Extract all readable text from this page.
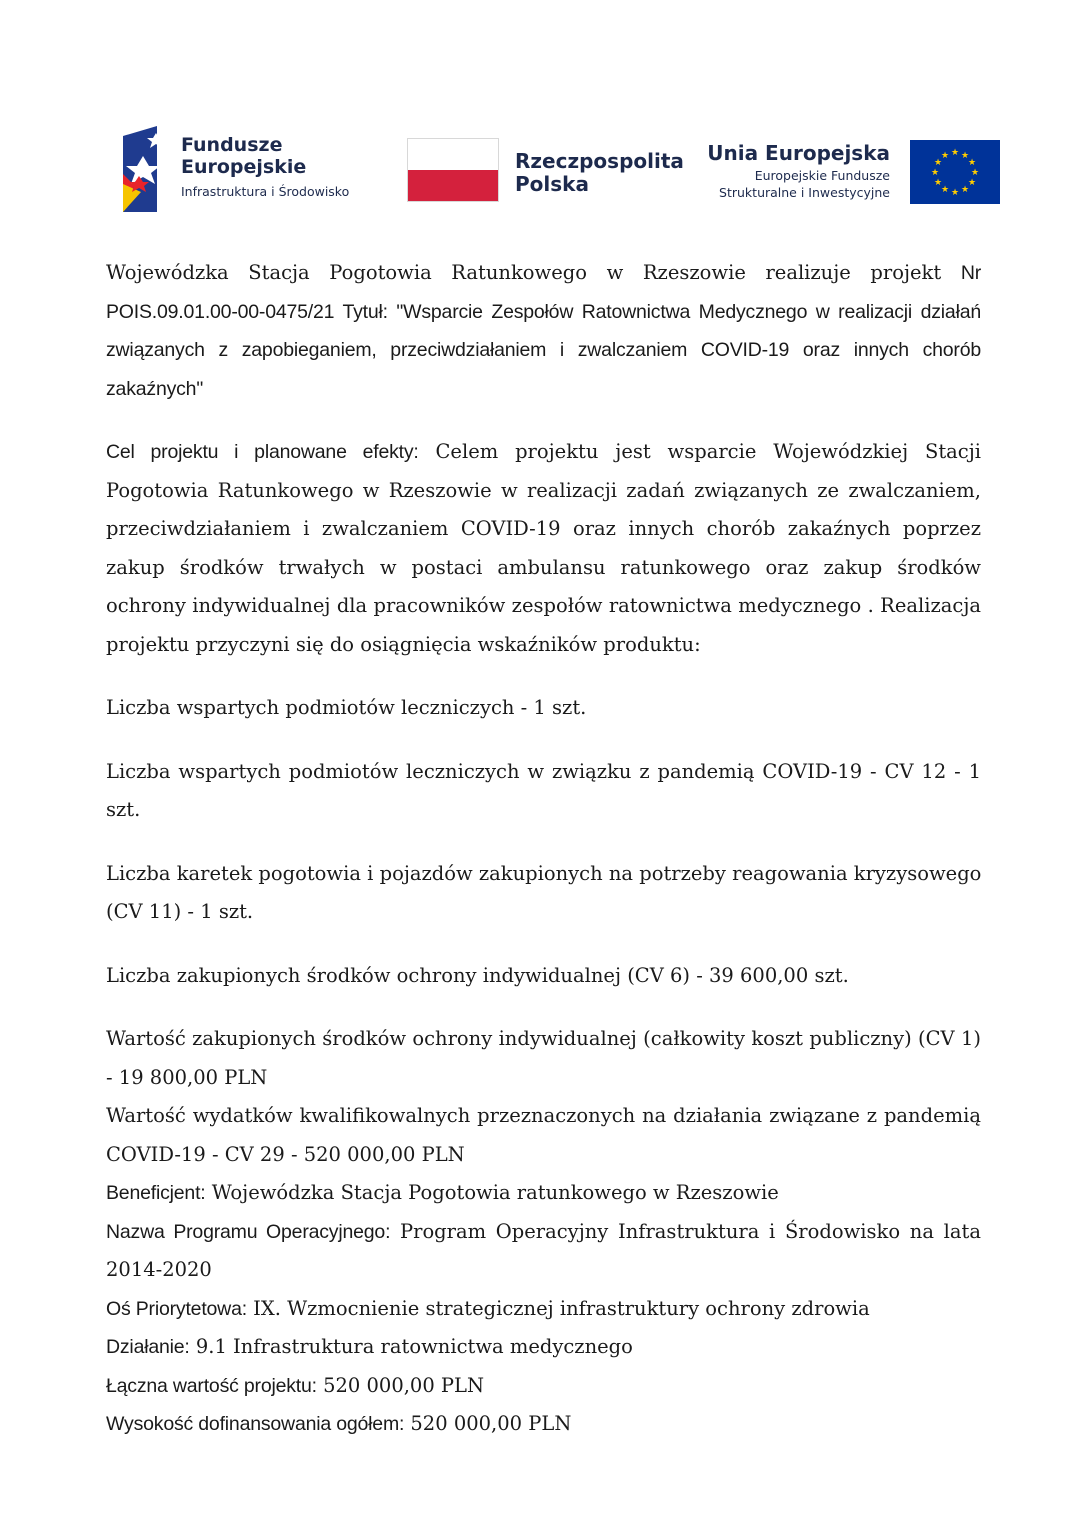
Fundusze
Europejskie
Infrastruktura i Środowisko
Rzeczpospolita
Polska
Unia Europejska
Europejskie Fundusze
Strukturalne i Inwestycyjne
★ ★
★
★
★
★
★
★
★
★
★
★

Wojewódzka Stacja Pogotowia Ratunkowego w Rzeszowie realizuje projekt Nr POIS.09.01.00-00-0475/21 Tytuł: "Wsparcie Zespołów Ratownictwa Medycznego w realizacji działań związanych z zapobieganiem, przeciwdziałaniem i zwalczaniem COVID-19 oraz innych chorób zakaźnych"

Cel projektu i planowane efekty: Celem projektu jest wsparcie Wojewódzkiej Stacji Pogotowia Ratunkowego w Rzeszowie w realizacji zadań związanych ze zwalczaniem, przeciwdziałaniem i zwalczaniem COVID-19 oraz innych chorób zakaźnych poprzez zakup środków trwałych w postaci ambulansu ratunkowego oraz zakup środków ochrony indywidualnej dla pracowników zespołów ratownictwa medycznego . Realizacja projektu przyczyni się do osiągnięcia wskaźników produktu:

Liczba wspartych podmiotów leczniczych - 1 szt.

Liczba wspartych podmiotów leczniczych w związku z pandemią COVID-19 - CV 12 - 1 szt.

Liczba karetek pogotowia i pojazdów zakupionych na potrzeby reagowania kryzysowego

(CV 11) - 1 szt.

Liczba zakupionych środków ochrony indywidualnej (CV 6) - 39 600,00 szt.

Wartość zakupionych środków ochrony indywidualnej (całkowity koszt publiczny) (CV 1) - 19 800,00 PLN

Wartość wydatków kwalifikowalnych przeznaczonych na działania związane z pandemią COVID-19 - CV 29 - 520 000,00 PLN

Beneficjent: Wojewódzka Stacja Pogotowia ratunkowego w Rzeszowie

Nazwa Programu Operacyjnego: Program Operacyjny Infrastruktura i Środowisko na lata 2014-2020

Oś Priorytetowa: IX. Wzmocnienie strategicznej infrastruktury ochrony zdrowia

Działanie: 9.1 Infrastruktura ratownictwa medycznego

Łączna wartość projektu: 520 000,00 PLN

Wysokość dofinansowania ogółem: 520 000,00 PLN
